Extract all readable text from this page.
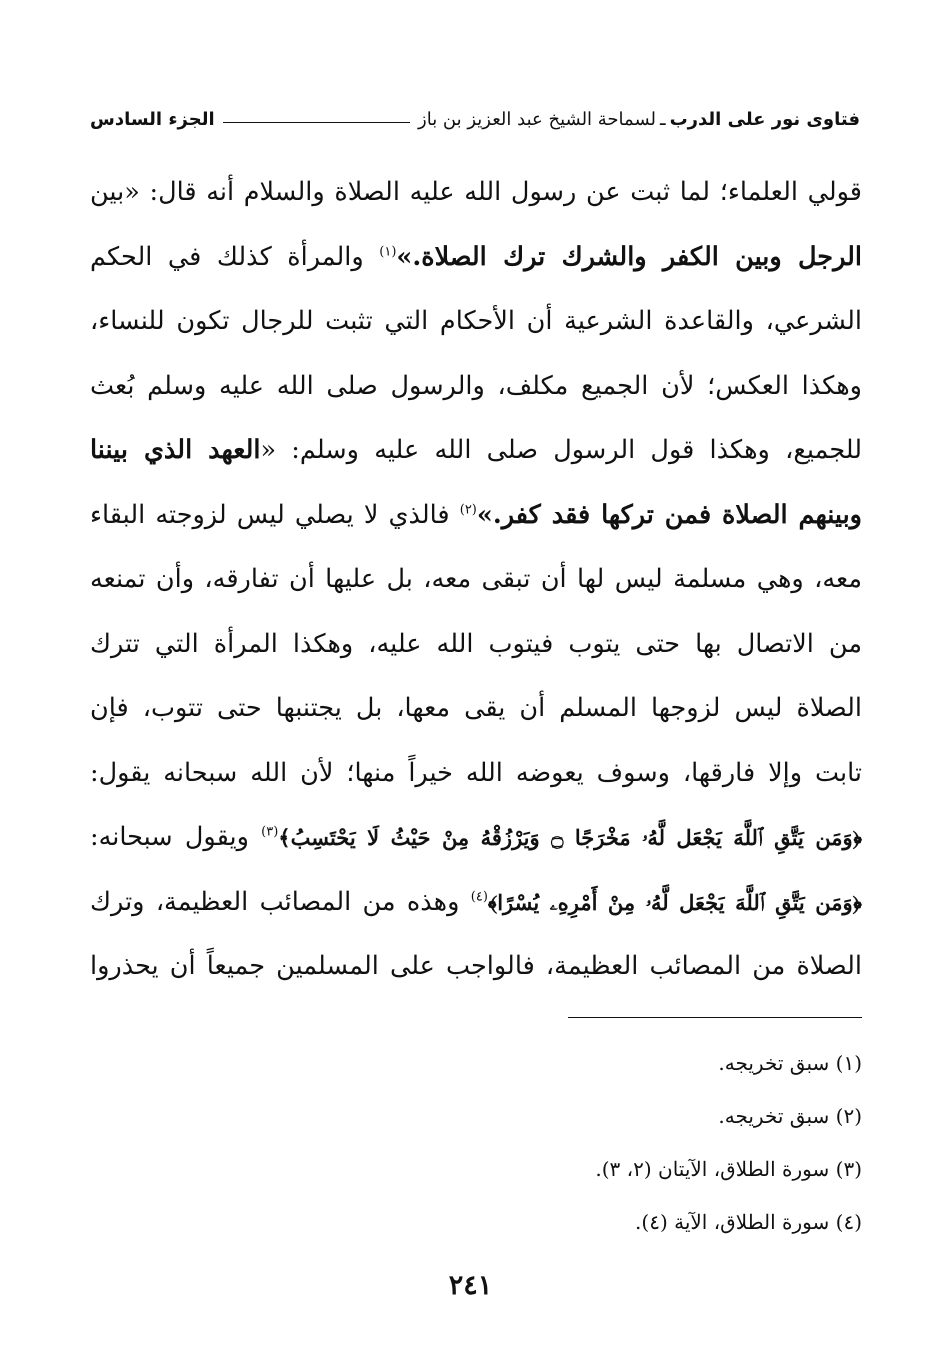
فتاوى نور على الدرب
ـ
لسماحة الشيخ عبد العزيز بن باز
الجزء السادس
قولي العلماء؛ لما ثبت عن رسول الله عليه الصلاة والسلام أنه قال: «بين
الرجل وبين الكفر والشرك ترك الصلاة.»$^{(١)}$ والمرأة كذلك في الحكم
الشرعي، والقاعدة الشرعية أن الأحكام التي تثبت للرجال تكون للنساء،
وهكذا العكس؛ لأن الجميع مكلف، والرسول صلى الله عليه وسلم بُعث
للجميع، وهكذا قول الرسول صلى الله عليه وسلم: «العهد الذي بيننا
وبينهم الصلاة فمن تركها فقد كفر.»$^{(٢)}$ فالذي لا يصلي ليس لزوجته البقاء
معه، وهي مسلمة ليس لها أن تبقى معه، بل عليها أن تفارقه، وأن تمنعه
من الاتصال بها حتى يتوب فيتوب الله عليه، وهكذا المرأة التي تترك
الصلاة ليس لزوجها المسلم أن يقى معها، بل يجتنبها حتى تتوب، فإن
تابت وإلا فارقها، وسوف يعوضه الله خيراً منها؛ لأن الله سبحانه يقول:
﴿وَمَن يَتَّقِ ٱللَّهَ يَجْعَل لَّهُۥ مَخْرَجًا ۝ وَيَرْزُقْهُ مِنْ حَيْثُ لَا يَحْتَسِبُ﴾$^{(٣)}$ ويقول سبحانه:
﴿وَمَن يَتَّقِ ٱللَّهَ يَجْعَل لَّهُۥ مِنْ أَمْرِهِۦ يُسْرًا﴾$^{(٤)}$ وهذه من المصائب العظيمة، وترك
الصلاة من المصائب العظيمة، فالواجب على المسلمين جميعاً أن يحذروا
(١) سبق تخريجه.
(٢) سبق تخريجه.
(٣) سورة الطلاق، الآيتان (٢، ٣).
(٤) سورة الطلاق، الآية (٤).
٢٤١
